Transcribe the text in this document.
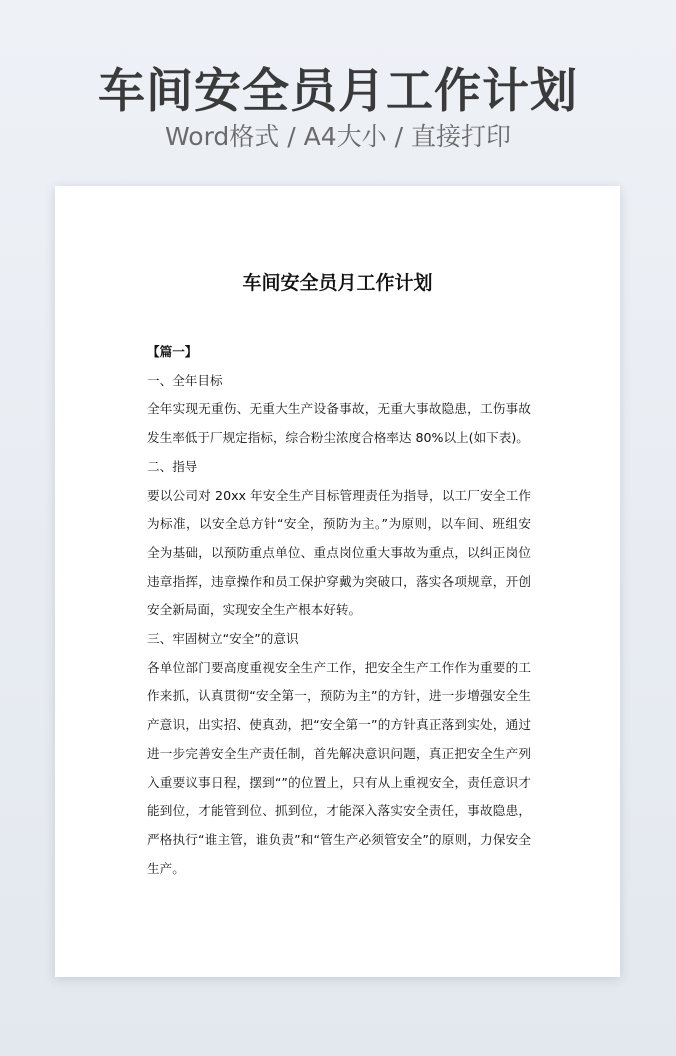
车间安全员月工作计划
Word格式 / A4大小 / 直接打印
车间安全员月工作计划

【篇一】

一、全年目标

全年实现无重伤、无重大生产设备事故，无重大事故隐患，工伤事故发生率低于厂规定指标，综合粉尘浓度合格率达 80%以上(如下表)。

二、指导

要以公司对 20xx 年安全生产目标管理责任为指导，以工厂安全工作为标准，以安全总方针“安全，预防为主。”为原则，以车间、班组安全为基础，以预防重点单位、重点岗位重大事故为重点，以纠正岗位违章指挥，违章操作和员工保护穿戴为突破口，落实各项规章，开创安全新局面，实现安全生产根本好转。

三、牢固树立“安全”的意识

各单位部门要高度重视安全生产工作，把安全生产工作作为重要的工作来抓，认真贯彻“安全第一，预防为主”的方针，进一步增强安全生产意识，出实招、使真劲，把“安全第一”的方针真正落到实处，通过进一步完善安全生产责任制，首先解决意识问题，真正把安全生产列入重要议事日程，摆到“”的位置上，只有从上重视安全，责任意识才能到位，才能管到位、抓到位，才能深入落实安全责任，事故隐患，严格执行“谁主管，谁负责”和“管生产必须管安全”的原则，力保安全生产。
